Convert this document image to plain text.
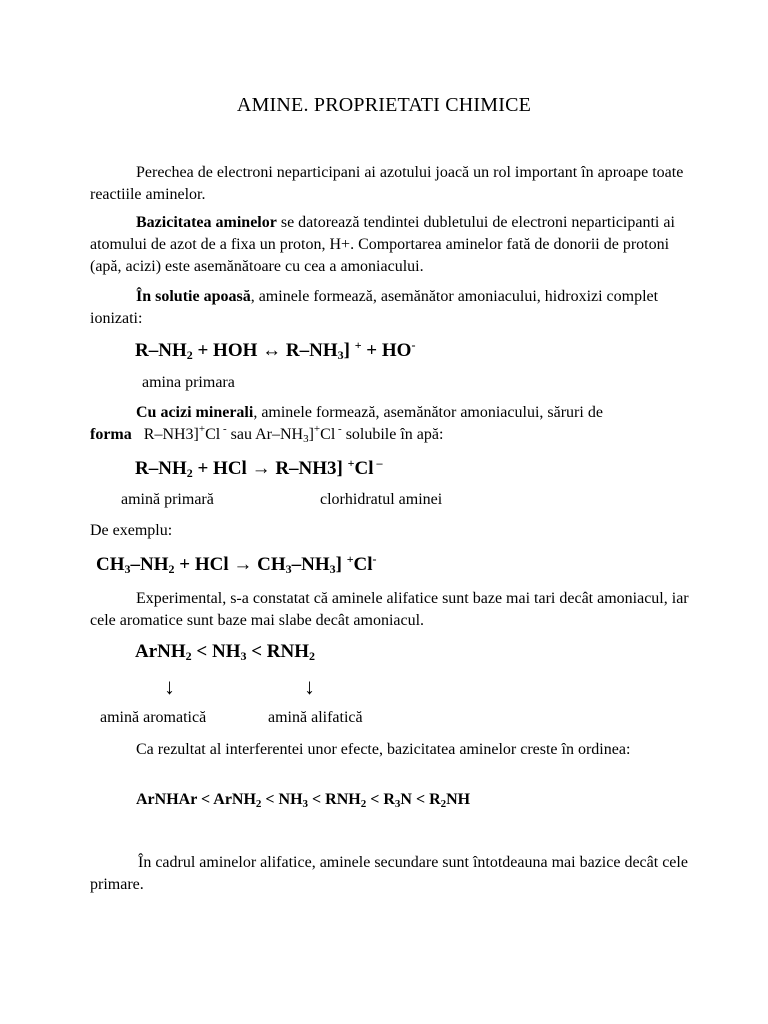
AMINE. PROPRIETATI CHIMICE
Perechea de electroni neparticipani ai azotului joacă un rol important în aproape toate reactiile aminelor.
Bazicitatea aminelor se datorează tendintei dubletului de electroni neparticipanti ai atomului de azot de a fixa un proton, H+. Comportarea aminelor fată de donorii de protoni (apă, acizi) este asemănătoare cu cea a amoniacului.
În solutie apoasă, aminele formează, asemănător amoniacului, hidroxizi complet ionizati:
$R-NH_2$ + HOH ↔ $R-NH_3$] + + HO-
amina primara
Cu acizi minerali, aminele formează, asemănător amoniacului, săruri de
forma R–NH3]+Cl - sau $Ar-NH_3]^+Cl$ - solubile în apă:
$R-NH_2$ + HCl → R–NH3] +Cl –
amină primară	clorhidratul aminei
De exemplu:
$CH_3-NH_2$ + HCl → $CH_3-NH_3$] +Cl-
Experimental, s-a constatat că aminele alifatice sunt baze mai tari decât amoniacul, iar cele aromatice sunt baze mai slabe decât amoniacul.
ArNH$_2$ < $NH_3 < RNH_2$
↓	↓
amină aromatică	amină alifatică
Ca rezultat al interferentei unor efecte, bazicitatea aminelor creste în ordinea:
ArNHAr < ArNH$_2$ < $NH_3 < RNH_2 < R_3N < R_2NH$
În cadrul aminelor alifatice, aminele secundare sunt întotdeauna mai bazice decât cele primare.
